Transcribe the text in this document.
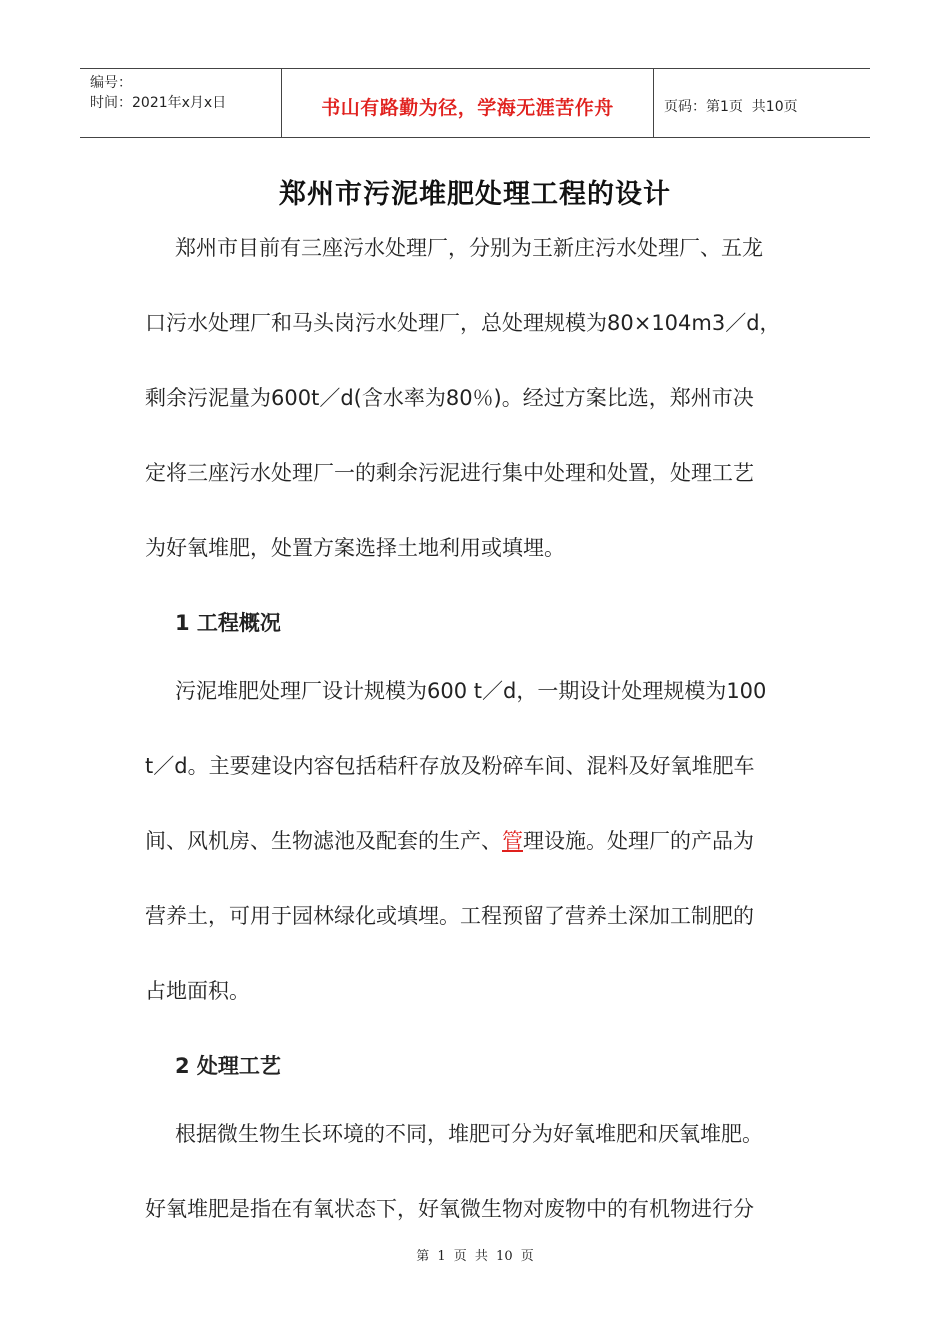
编号：
时间：2021年x月x日	书山有路勤为径，学海无涯苦作舟	页码：第1页  共10页
郑州市污泥堆肥处理工程的设计
郑州市目前有三座污水处理厂，分别为王新庄污水处理厂、五龙
口污水处理厂和马头岗污水处理厂，总处理规模为80×104m3／d，
剩余污泥量为600t／d(含水率为80％)。经过方案比选，郑州市决
定将三座污水处理厂一的剩余污泥进行集中处理和处置，处理工艺
为好氧堆肥，处置方案选择土地利用或填埋。
1 工程概况
污泥堆肥处理厂设计规模为600 t／d，一期设计处理规模为100
t／d。主要建设内容包括秸秆存放及粉碎车间、混料及好氧堆肥车
间、风机房、生物滤池及配套的生产、管理设施。处理厂的产品为
营养土，可用于园林绿化或填埋。工程预留了营养土深加工制肥的
占地面积。
2 处理工艺
根据微生物生长环境的不同，堆肥可分为好氧堆肥和厌氧堆肥。
好氧堆肥是指在有氧状态下，好氧微生物对废物中的有机物进行分
第 1 页 共 10 页
